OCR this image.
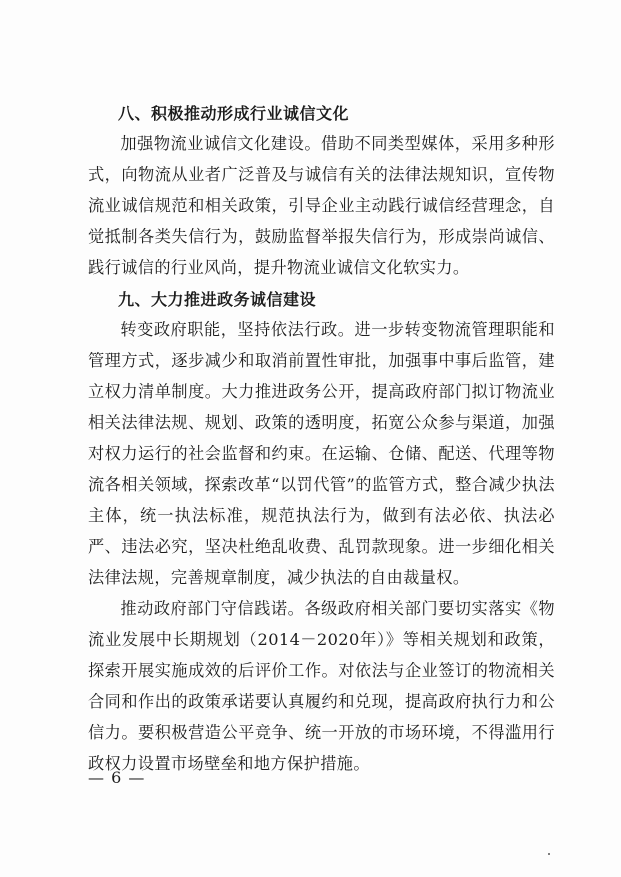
八、积极推动形成行业诚信文化

加强物流业诚信文化建设。借助不同类型媒体，采用多种形式，向物流从业者广泛普及与诚信有关的法律法规知识，宣传物流业诚信规范和相关政策，引导企业主动践行诚信经营理念，自觉抵制各类失信行为，鼓励监督举报失信行为，形成崇尚诚信、践行诚信的行业风尚，提升物流业诚信文化软实力。

九、大力推进政务诚信建设

转变政府职能，坚持依法行政。进一步转变物流管理职能和管理方式，逐步减少和取消前置性审批，加强事中事后监管，建立权力清单制度。大力推进政务公开，提高政府部门拟订物流业相关法律法规、规划、政策的透明度，拓宽公众参与渠道，加强对权力运行的社会监督和约束。在运输、仓储、配送、代理等物流各相关领域，探索改革“以罚代管”的监管方式，整合减少执法主体，统一执法标准，规范执法行为，做到有法必依、执法必严、违法必究，坚决杜绝乱收费、乱罚款现象。进一步细化相关法律法规，完善规章制度，减少执法的自由裁量权。

推动政府部门守信践诺。各级政府相关部门要切实落实《物流业发展中长期规划（2014－2020年）》等相关规划和政策，探索开展实施成效的后评价工作。对依法与企业签订的物流相关合同和作出的政策承诺要认真履约和兑现，提高政府执行力和公信力。要积极营造公平竞争、统一开放的市场环境，不得滥用行政权力设置市场壁垒和地方保护措施。

— 6 —
